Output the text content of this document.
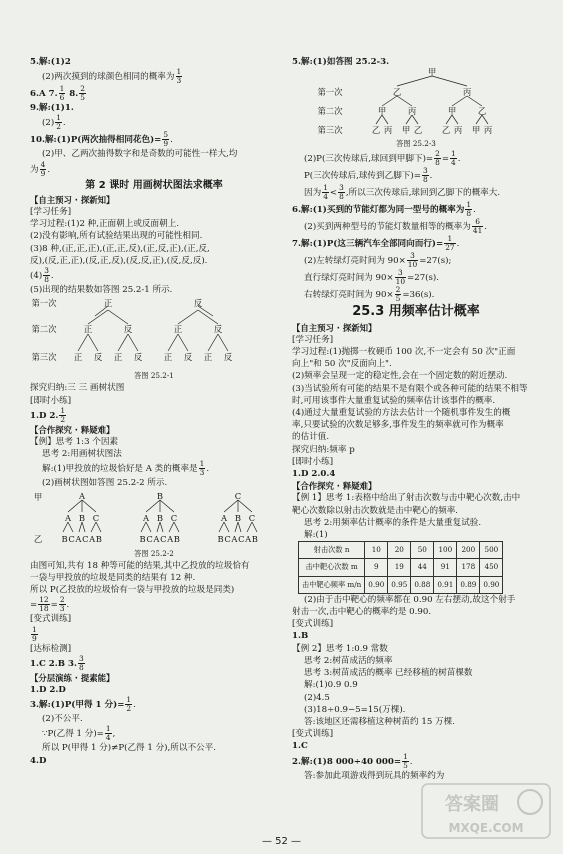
5.解:(1)2
(2)两次摸到的球颜色相同的概率为 $\frac{1}{3}$
6.A 7. $\frac{1}{6} 8$. $\frac{2}{5}$
9.解:(1)1.
$(2) \frac{1}{2}$ .
10.解:(1)P(两次抽得相同花色)= $\frac{5}{9}$ .
(2)甲、乙两次抽得数字和是奇数的可能性一样大,均
为 $\frac{4}{9}$ .
第 2 课时 用画树状图法求概率
【自主预习 · 探新知】
[学习任务]
学习过程:(1)2 种,正面朝上或反面朝上.
(2)没有影响,所有试验结果出现的可能性相同.
(3)8 种,(正,正,正),(正,正,反),(正,反,正),(正,反,
反),(反,正,正),(反,正,反),(反,反,正),(反,反,反).
$(4) \frac{3}{8}$ .
(5)出现的结果数如答图 25.2-1 所示.
第一次
第二次
第三次
正	反
正	反	正	反
正 反 正 反	正 反 正 反
答图 25.2-1
探究归纳:三 三 画树状图
[即时小练]
1.D 2. $\frac{1}{2}$
【合作探究 · 释疑难】
【例】思考 1:3 个因素
思考 2:用画树状图法
解:(1)甲投放的垃圾恰好是 A 类的概率是 $\frac{1}{3}$ .
(2)画树状图如答图 25.2-2 所示.
甲
乙
A	B	C
A B C	A B C	A B C
BCACAB	BCACAB	BCACAB
答图 25.2-2
由图可知,共有 18 种等可能的结果,其中乙投放的垃圾恰有
一袋与甲投放的垃圾是同类的结果有 12 种.
所以 P(乙投放的垃圾恰有一袋与甲投放的垃圾是同类)
= $\frac{12}{18} = \frac{2}{3}$ .
[变式训练]
$\frac{1}{9}$
[达标检测]
1.C 2.B 3. $\frac{3}{8}$
【分层演练 · 提素能】
1.D 2.D
3.解:(1)P(甲得 1 分)= $\frac{1}{2}$ .
(2)不公平.
∵P(乙得 1 分)= $\frac{1}{4}$ ,
所以 P(甲得 1 分)≠P(乙得 1 分),所以不公平.
4.D
5.解:(1)如答图 25.2-3.
甲
第一次
第二次
第三次
乙	丙
甲	丙	甲	乙
乙 丙 甲 乙 乙 丙 甲 丙
答图 25.2-3
(2)P(三次传球后,球回到甲脚下)= $\frac{2}{8} = \frac{1}{4}$ .
P(三次传球后,球传到乙脚下)= $\frac{3}{8}$ .
因为 $\frac{1}{4} < \frac{3}{8}$ ,所以三次传球后,球回到乙脚下的概率大.
6.解:(1)买到的节能灯都为同一型号的概率为 $\frac{1}{8}$ .
(2)买到两种型号的节能灯数量相等的概率为 $\frac{6}{41}$ .
7.解:(1)P(这三辆汽车全部同向而行)= $\frac{1}{27}$ .
(2)左转绿灯亮时间为 $90\times \frac{3}{10} =27(s)$;
直行绿灯亮时间为 $90\times \frac{3}{10} =27(s)$.
右转绿灯亮时间为 $90\times \frac{2}{5} =36(s)$.
25.3 用频率估计概率
【自主预习 · 探新知】
[学习任务]
学习过程:(1)抛掷一枚硬币 100 次,不一定会有 50 次"正面
向上"和 50 次"反面向上".
(2)频率会呈现一定的稳定性,会在一个固定数的附近摆动.
(3)当试验所有可能的结果不是有限个或各种可能的结果不相等
时,可用该事件大量重复试验的频率估计该事件的概率.
(4)通过大量重复试验的方法去估计一个随机事件发生的概
率,只要试验的次数足够多,事件发生的频率就可作为概率
的估计值.
探究归纳:频率 p
[即时小练]
1.D 2.0.4
【合作探究 · 释疑难】
【例 1】思考 1:表格中给出了射击次数与击中靶心次数,击中
靶心次数除以射击次数就是击中靶心的频率.
思考 2:用频率估计概率的条件是大量重复试验.
解:(1)
射击次数 n	10	20	50	100	200	500
击中靶心次数 m	9	19	44	91	178	450
击中靶心频率 m/n	0.90	0.95	0.88	0.91	0.89	0.90
(2)由于击中靶心的频率都在 0.90 左右摆动,故这个射手
射击一次,击中靶心的概率约是 0.90.
[变式训练]
1.B
【例 2】思考 1:0.9 常数
思考 2:树苗成活的频率
思考 3:树苗成活的概率 已经移植的树苗棵数
解:(1)0.9 0.9
(2)4.5
(3)18÷0.9−5=15(万棵).
答:该地区还需移植这种树苗约 15 万棵.
[变式训练]
1.C
2.解:(1)8 000÷40 $000= \frac{1}{5}$ .
答:参加此项游戏得到玩具的频率约为
答案圈
MXQE.COM
— 52 —
